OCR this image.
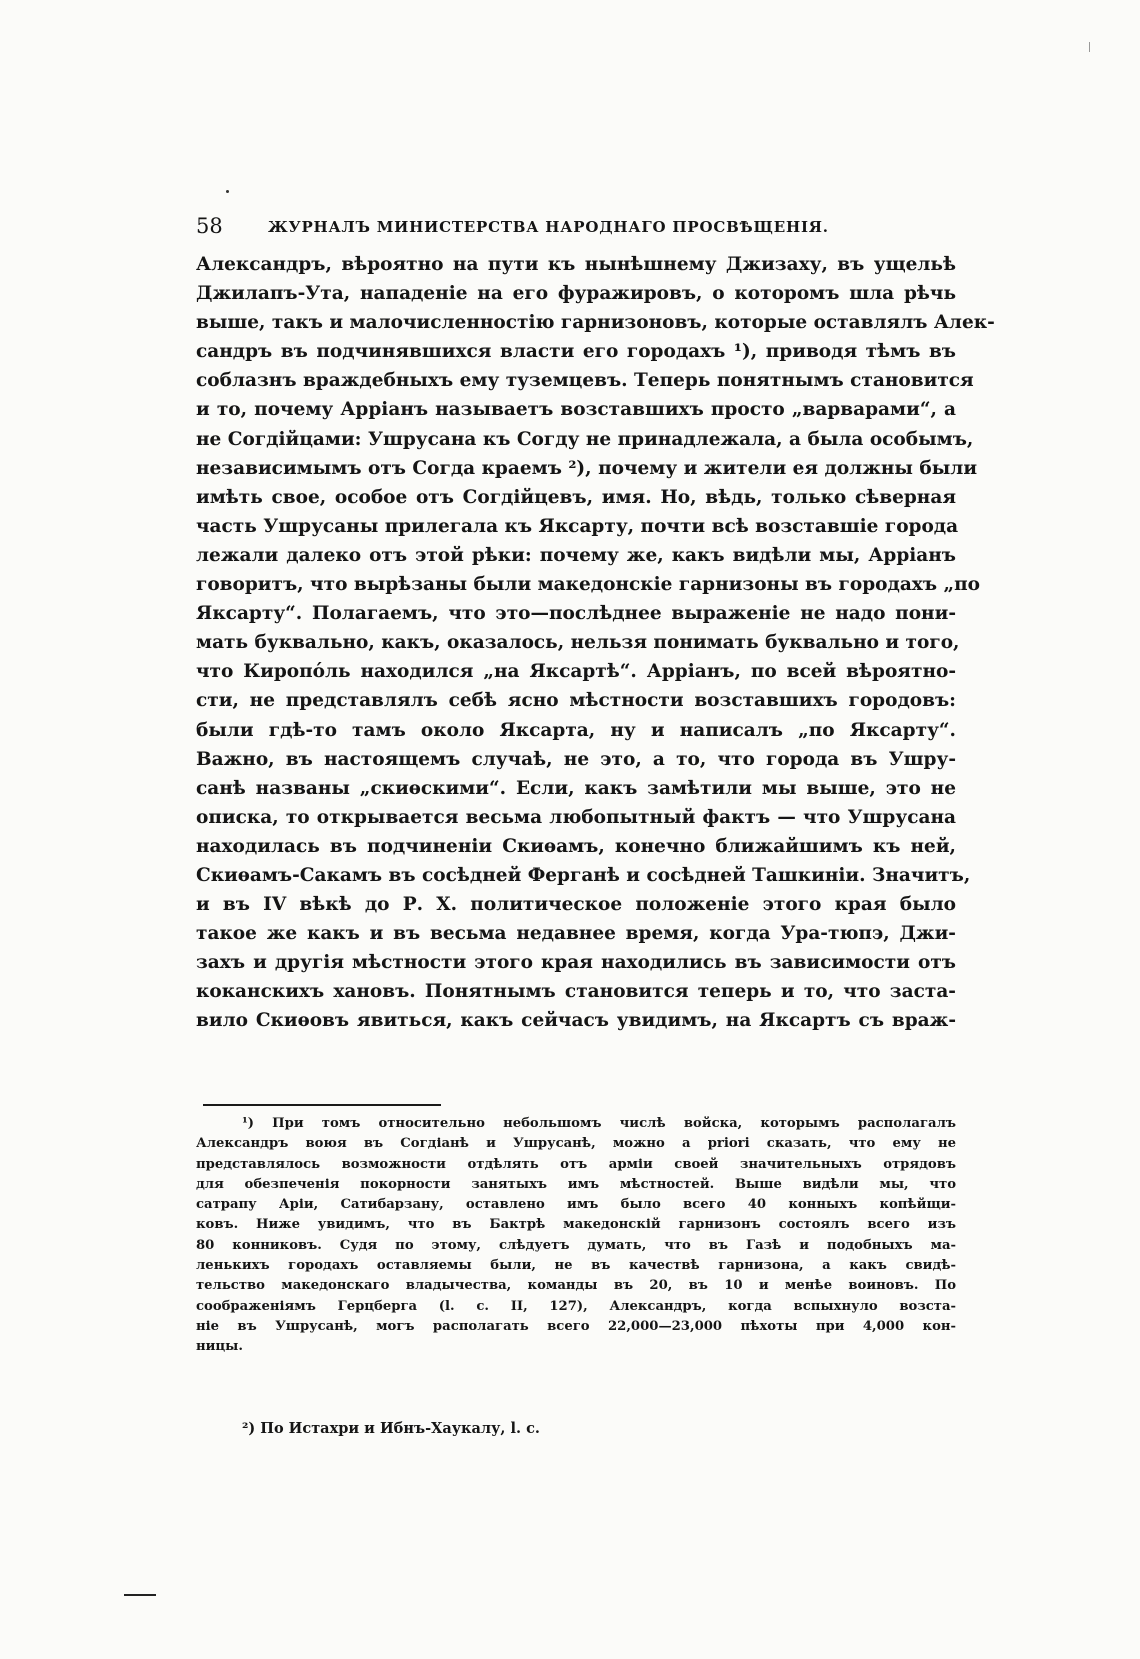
58	ЖУРНАЛЪ МИНИСТЕРСТВА НАРОДНАГО ПРОСВѢЩЕНІЯ.
Александръ, вѣроятно на пути къ нынѣшнему Джизаху, въ ущельѣ
Джилапъ-Ута, нападеніе на его фуражировъ, о которомъ шла рѣчь
выше, такъ и малочисленностію гарнизоновъ, которые оставлялъ Алек-
сандръ въ подчинявшихся власти его городахъ ¹), приводя тѣмъ въ
соблазнъ враждебныхъ ему туземцевъ. Теперь понятнымъ становится
и то, почему Арріанъ называетъ возставшихъ просто „варварами“, а
не Согдійцами: Ушрусана къ Согду не принадлежала, а была особымъ,
независимымъ отъ Согда краемъ ²), почему и жители ея должны были
имѣть свое, особое отъ Согдійцевъ, имя. Но, вѣдь, только сѣверная
часть Ушрусаны прилегала къ Яксарту, почти всѣ возставшіе города
лежали далеко отъ этой рѣки: почему же, какъ видѣли мы, Арріанъ
говоритъ, что вырѣзаны были македонскіе гарнизоны въ городахъ „по
Яксарту“. Полагаемъ, что это—послѣднее выраженіе не надо пони-
мать буквально, какъ, оказалось, нельзя понимать буквально и того,
что Киропόль находился „на Яксартѣ“. Арріанъ, по всей вѣроятно-
сти, не представлялъ себѣ ясно мѣстности возставшихъ городовъ:
были гдѣ-то тамъ около Яксарта, ну и написалъ „по Яксарту“.
Важно, въ настоящемъ случаѣ, не это, а то, что города въ Ушру-
санѣ названы „скиѳскими“. Если, какъ замѣтили мы выше, это не
описка, то открывается весьма любопытный фактъ — что Ушрусана
находилась въ подчиненіи Скиѳамъ, конечно ближайшимъ къ ней,
Скиѳамъ-Сакамъ въ сосѣдней Ферганѣ и сосѣдней Ташкиніи. Значитъ,
и въ IV вѣкѣ до Р. Х. политическое положеніе этого края было
такое же какъ и въ весьма недавнее время, когда Ура-тюпэ, Джи-
захъ и другія мѣстности этого края находились въ зависимости отъ
коканскихъ хановъ. Понятнымъ становится теперь и то, что заста-
вило Скиѳовъ явиться, какъ сейчасъ увидимъ, на Яксартъ съ враж-
¹) При томъ относительно небольшомъ числѣ войска, которымъ располагалъ
Александръ воюя въ Согдіанѣ и Ушрусанѣ, можно a priori сказать, что ему не
представлялось возможности отдѣлять отъ арміи своей значительныхъ отрядовъ
для обезпеченія покорности занятыхъ имъ мѣстностей. Выше видѣли мы, что
сатрапу Аріи, Сатибарзану, оставлено имъ было всего 40 конныхъ копѣйщи-
ковъ. Ниже увидимъ, что въ Бактрѣ македонскій гарнизонъ состоялъ всего изъ
80 конниковъ. Судя по этому, слѣдуетъ думать, что въ Газѣ и подобныхъ ма-
ленькихъ городахъ оставляемы были, не въ качествѣ гарнизона, а какъ свидѣ-
тельство македонскаго владычества, команды въ 20, въ 10 и менѣе воиновъ. По
соображеніямъ Герцберга (l. c. II, 127), Александръ, когда вспыхнуло возста-
ніе въ Ушрусанѣ, могъ располагать всего 22,000—23,000 пѣхоты при 4,000 кон-
ницы.
²) По Истахри и Ибнъ-Хаукалу, l. c.
